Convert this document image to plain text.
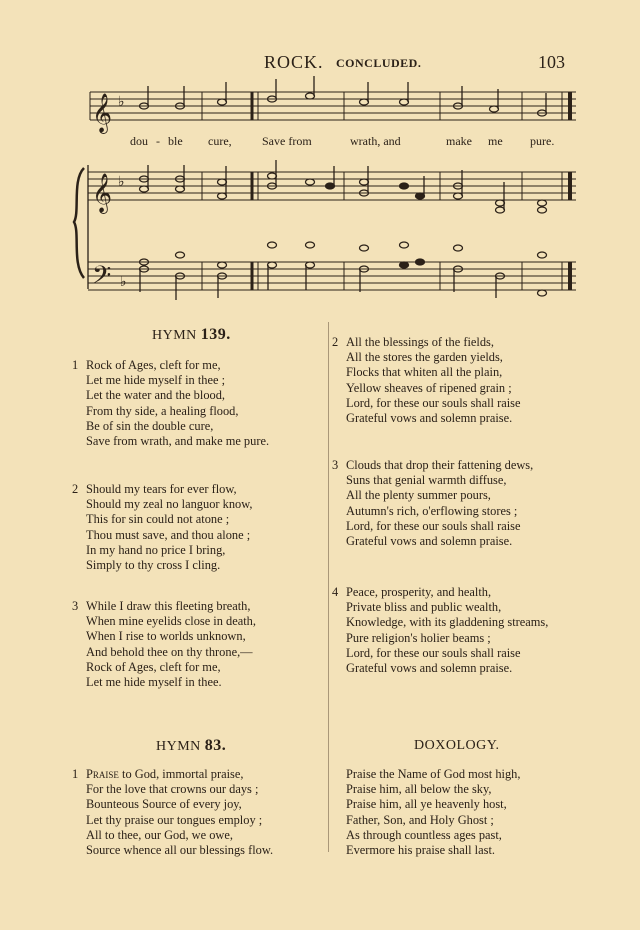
ROCK. CONCLUDED.	103
𝄞 ♭
𝄞 ♭
𝄢 ♭
dou - ble cure,	Save from	wrath, and	make me pure.
HYMN 139.
1 Rock of Ages, cleft for me,
Let me hide myself in thee ;
Let the water and the blood,
From thy side, a healing flood,
Be of sin the double cure,
Save from wrath, and make me pure.
2 Should my tears for ever flow,
Should my zeal no languor know,
This for sin could not atone ;
Thou must save, and thou alone ;
In my hand no price I bring,
Simply to thy cross I cling.
3 While I draw this fleeting breath,
When mine eyelids close in death,
When I rise to worlds unknown,
And behold thee on thy throne,—
Rock of Ages, cleft for me,
Let me hide myself in thee.
HYMN 83.
1 Praise to God, immortal praise,
For the love that crowns our days ;
Bounteous Source of every joy,
Let thy praise our tongues employ ;
All to thee, our God, we owe,
Source whence all our blessings flow.
2 All the blessings of the fields,
All the stores the garden yields,
Flocks that whiten all the plain,
Yellow sheaves of ripened grain ;
Lord, for these our souls shall raise
Grateful vows and solemn praise.
3 Clouds that drop their fattening dews,
Suns that genial warmth diffuse,
All the plenty summer pours,
Autumn's rich, o'erflowing stores ;
Lord, for these our souls shall raise
Grateful vows and solemn praise.
4 Peace, prosperity, and health,
Private bliss and public wealth,
Knowledge, with its gladdening streams,
Pure religion's holier beams ;
Lord, for these our souls shall raise
Grateful vows and solemn praise.
DOXOLOGY.
Praise the Name of God most high,
Praise him, all below the sky,
Praise him, all ye heavenly host,
Father, Son, and Holy Ghost ;
As through countless ages past,
Evermore his praise shall last.
